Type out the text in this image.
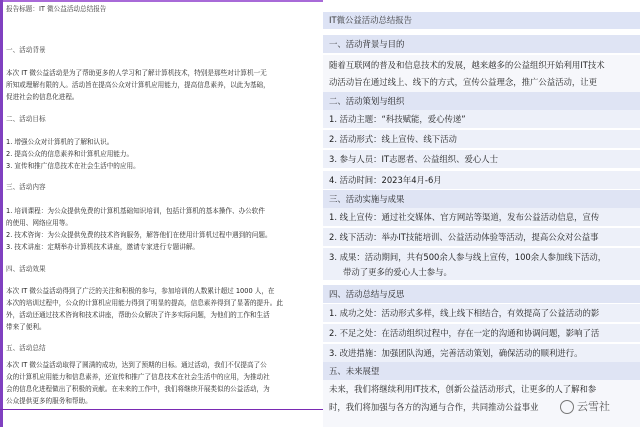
报告标题：IT 微公益活动总结报告
一、活动背景
本次 IT 微公益活动是为了帮助更多的人学习和了解计算机技术，特别是那些对计算机一无
所知或理解有限的人。活动旨在提高公众对计算机应用能力，提高信息素养，以此为基础，
促进社会的信息化进程。
二、活动目标
1. 增强公众对计算机的了解和认识。
2. 提高公众的信息素养和计算机应用能力。
3. 宣传和推广信息技术在社会生活中的应用。
三、活动内容
1. 培训课程：为公众提供免费的计算机基础知识培训，包括计算机的基本操作、办公软件
的使用、网络应用等。
2. 技术咨询：为公众提供免费的技术咨询服务，解答他们在使用计算机过程中遇到的问题。
3. 技术讲座：定期举办计算机技术讲座，邀请专家进行专题讲解。
四、活动效果
本次 IT 微公益活动得到了广泛的关注和积极的参与，参加培训的人数累计超过 1000 人，在
本次的培训过程中，公众的计算机应用能力得到了明显的提高，信息素养得到了显著的提升。此
外，活动还通过技术咨询和技术讲座，帮助公众解决了许多实际问题，为他们的工作和生活
带来了便利。
五、活动总结
本次 IT 微公益活动取得了圆满的成功，达到了预期的目标。通过活动，我们不仅提高了公
众的计算机应用能力和信息素养，还宣传和推广了信息技术在社会生活中的应用，为推动社
会的信息化进程做出了积极的贡献。在未来的工作中，我们将继续开展类似的公益活动，为
公众提供更多的服务和帮助。
IT微公益活动总结报告
一、活动背景与目的
随着互联网的普及和信息技术的发展，越来越多的公益组织开始利用IT技术
动活动旨在通过线上、线下的方式，宣传公益理念，推广公益活动，让更
二、活动策划与组织
1. 活动主题：“科技赋能，爱心传递”
2. 活动形式：线上宣传、线下活动
3. 参与人员：IT志愿者、公益组织、爱心人士
4. 活动时间：2023年4月-6月
三、活动实施与成果
1. 线上宣传：通过社交媒体、官方网站等渠道，发布公益活动信息，宣传
2. 线下活动：举办IT技能培训、公益活动体验等活动，提高公众对公益事
3. 成果：活动期间，共有500余人参与线上宣传，100余人参加线下活动，
带动了更多的爱心人士参与。
四、活动总结与反思
1. 成功之处：活动形式多样，线上线下相结合，有效提高了公益活动的影
2. 不足之处：在活动组织过程中，存在一定的沟通和协调问题，影响了活
3. 改进措施：加强团队沟通，完善活动策划，确保活动的顺利进行。
五、未来展望
未来，我们将继续利用IT技术，创新公益活动形式，让更多的人了解和参
时，我们将加强与各方的沟通与合作，共同推动公益事业	云雪社
